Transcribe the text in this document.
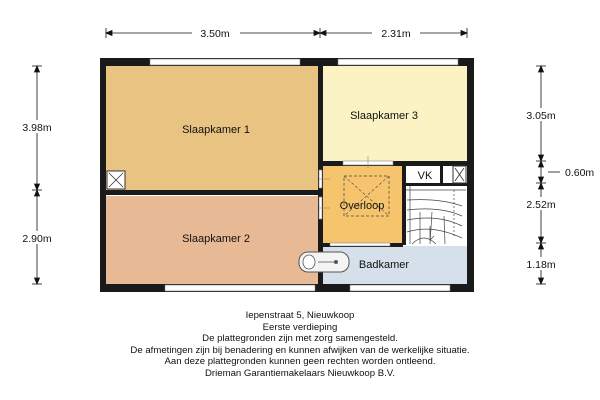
Slaapkamer 1
Slaapkamer 2
Slaapkamer 3
Overloop
Badkamer
VK
3.50m	2.31m
3.98m
2.90m
3.05m
0.60m
2.52m
1.18m
Iepenstraat 5, Nieuwkoop
Eerste verdieping
De plattegronden zijn met zorg samengesteld.
De afmetingen zijn bij benadering en kunnen afwijken van de werkelijke situatie.
Aan deze plattegronden kunnen geen rechten worden ontleend.
Drieman Garantiemakelaars Nieuwkoop B.V.
